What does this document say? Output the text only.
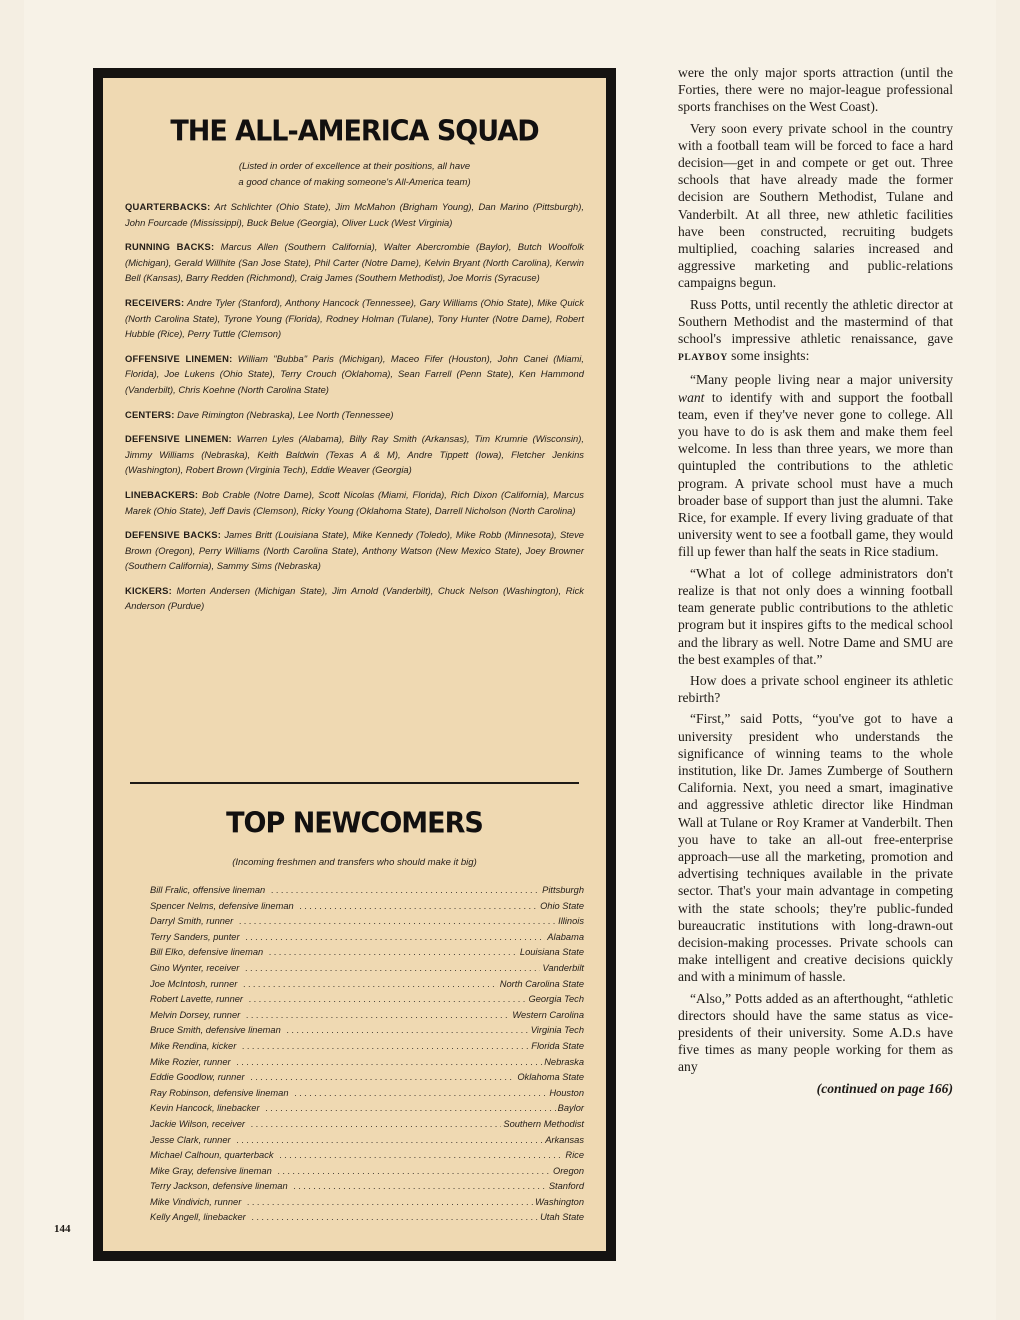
THE ALL-AMERICA SQUAD
(Listed in order of excellence at their positions, all have
a good chance of making someone's All-America team)

QUARTERBACKS: Art Schlichter (Ohio State), Jim McMahon (Brigham Young), Dan Marino (Pittsburgh), John Fourcade (Mississippi), Buck Belue (Georgia), Oliver Luck (West Virginia)

RUNNING BACKS: Marcus Allen (Southern California), Walter Abercrombie (Baylor), Butch Woolfolk (Michigan), Gerald Willhite (San Jose State), Phil Carter (Notre Dame), Kelvin Bryant (North Carolina), Kerwin Bell (Kansas), Barry Redden (Richmond), Craig James (Southern Methodist), Joe Morris (Syracuse)

RECEIVERS: Andre Tyler (Stanford), Anthony Hancock (Tennessee), Gary Williams (Ohio State), Mike Quick (North Carolina State), Tyrone Young (Florida), Rodney Holman (Tulane), Tony Hunter (Notre Dame), Robert Hubble (Rice), Perry Tuttle (Clemson)

OFFENSIVE LINEMEN: William "Bubba" Paris (Michigan), Maceo Fifer (Houston), John Canei (Miami, Florida), Joe Lukens (Ohio State), Terry Crouch (Oklahoma), Sean Farrell (Penn State), Ken Hammond (Vanderbilt), Chris Koehne (North Carolina State)

CENTERS: Dave Rimington (Nebraska), Lee North (Tennessee)

DEFENSIVE LINEMEN: Warren Lyles (Alabama), Billy Ray Smith (Arkansas), Tim Krumrie (Wisconsin), Jimmy Williams (Nebraska), Keith Baldwin (Texas A & M), Andre Tippett (Iowa), Fletcher Jenkins (Washington), Robert Brown (Virginia Tech), Eddie Weaver (Georgia)

LINEBACKERS: Bob Crable (Notre Dame), Scott Nicolas (Miami, Florida), Rich Dixon (California), Marcus Marek (Ohio State), Jeff Davis (Clemson), Ricky Young (Oklahoma State), Darrell Nicholson (North Carolina)

DEFENSIVE BACKS: James Britt (Louisiana State), Mike Kennedy (Toledo), Mike Robb (Minnesota), Steve Brown (Oregon), Perry Williams (North Carolina State), Anthony Watson (New Mexico State), Joey Browner (Southern California), Sammy Sims (Nebraska)

KICKERS: Morten Andersen (Michigan State), Jim Arnold (Vanderbilt), Chuck Nelson (Washington), Rick Anderson (Purdue)

TOP NEWCOMERS
(Incoming freshmen and transfers who should make it big)
Bill Fralic, offensive lineman .....	Pittsburgh
Spencer Nelms, defensive lineman .....	Ohio State
Darryl Smith, runner .....	Illinois
Terry Sanders, punter .....	Alabama
Bill Elko, defensive lineman .....	Louisiana State
Gino Wynter, receiver .....	Vanderbilt
Joe McIntosh, runner .....	North Carolina State
Robert Lavette, runner .....	Georgia Tech
Melvin Dorsey, runner .....	Western Carolina
Bruce Smith, defensive lineman .....	Virginia Tech
Mike Rendina, kicker .....	Florida State
Mike Rozier, runner .....	Nebraska
Eddie Goodlow, runner .....	Oklahoma State
Ray Robinson, defensive lineman .....	Houston
Kevin Hancock, linebacker .....	Baylor
Jackie Wilson, receiver .....	Southern Methodist
Jesse Clark, runner .....	Arkansas
Michael Calhoun, quarterback .....	Rice
Mike Gray, defensive lineman .....	Oregon
Terry Jackson, defensive lineman .....	Stanford
Mike Vindivich, runner .....	Washington
Kelly Angell, linebacker .....	Utah State

were the only major sports attraction (until the Forties, there were no major-league professional sports franchises on the West Coast).

Very soon every private school in the country with a football team will be forced to face a hard decision—get in and compete or get out. Three schools that have already made the former decision are Southern Methodist, Tulane and Vanderbilt. At all three, new athletic facilities have been constructed, recruiting budgets multiplied, coaching salaries increased and aggressive marketing and public-relations campaigns begun.

Russ Potts, until recently the athletic director at Southern Methodist and the mastermind of that school's impressive athletic renaissance, gave PLAYBOY some insights:

“Many people living near a major university want to identify with and support the football team, even if they've never gone to college. All you have to do is ask them and make them feel welcome. In less than three years, we more than quintupled the contributions to the athletic program. A private school must have a much broader base of support than just the alumni. Take Rice, for example. If every living graduate of that university went to see a football game, they would fill up fewer than half the seats in Rice stadium.

“What a lot of college administrators don't realize is that not only does a winning football team generate public contributions to the athletic program but it inspires gifts to the medical school and the library as well. Notre Dame and SMU are the best examples of that.”

How does a private school engineer its athletic rebirth?

“First,” said Potts, “you've got to have a university president who understands the significance of winning teams to the whole institution, like Dr. James Zumberge of Southern California. Next, you need a smart, imaginative and aggressive athletic director like Hindman Wall at Tulane or Roy Kramer at Vanderbilt. Then you have to take an all-out free-enterprise approach—use all the marketing, promotion and advertising techniques available in the private sector. That's your main advantage in competing with the state schools; they're public-funded bureaucratic institutions with long-drawn-out decision-making processes. Private schools can make intelligent and creative decisions quickly and with a minimum of hassle.

“Also,” Potts added as an afterthought, “athletic directors should have the same status as vice-presidents of their university. Some A.D.s have five times as many people working for them as any

(continued on page 166)

144
